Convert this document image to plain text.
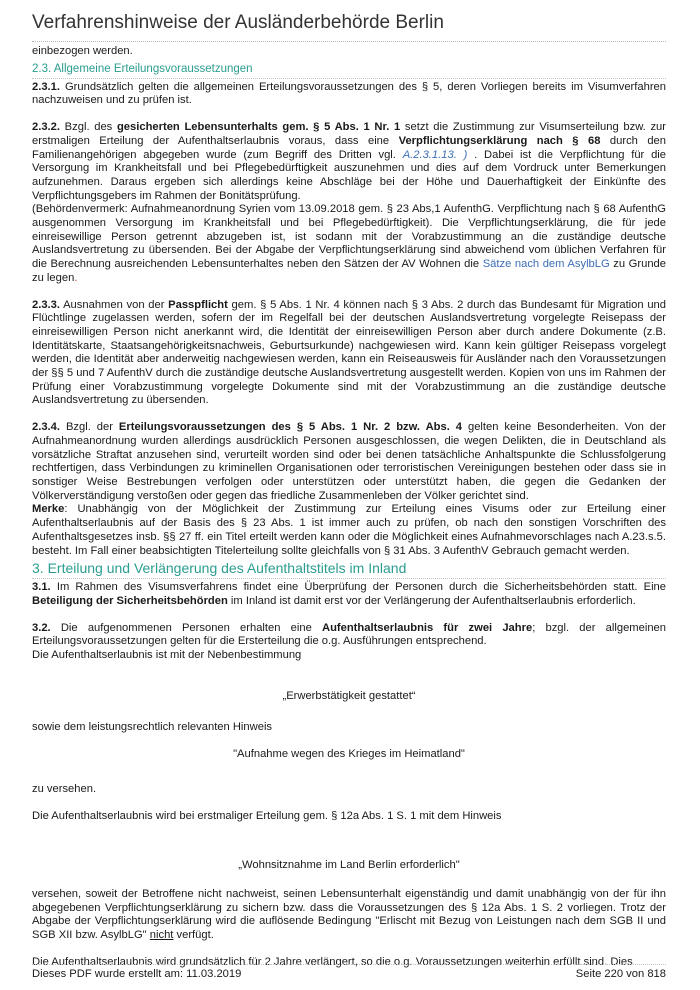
Verfahrenshinweise der Ausländerbehörde Berlin

einbezogen werden.

2.3. Allgemeine Erteilungsvoraussetzungen

2.3.1. Grundsätzlich gelten die allgemeinen Erteilungsvoraussetzungen des § 5, deren Vorliegen bereits im Visumverfahren nachzuweisen und zu prüfen ist.

2.3.2. Bzgl. des gesicherten Lebensunterhalts gem. § 5 Abs. 1 Nr. 1 setzt die Zustimmung zur Visumserteilung bzw. zur erstmaligen Erteilung der Aufenthaltserlaubnis voraus, dass eine Verpflichtungserklärung nach § 68 durch den Familienangehörigen abgegeben wurde (zum Begriff des Dritten vgl. A.2.3.1.13. ) . Dabei ist die Verpflichtung für die Versorgung im Krankheitsfall und bei Pflegebedürftigkeit auszunehmen und dies auf dem Vordruck unter Bemerkungen aufzunehmen. Daraus ergeben sich allerdings keine Abschläge bei der Höhe und Dauerhaftigkeit der Einkünfte des Verpflichtungsgebers im Rahmen der Bonitätsprüfung.

(Behördenvermerk: Aufnahmeanordnung Syrien vom 13.09.2018 gem. § 23 Abs,1 AufenthG. Verpflichtung nach § 68 AufenthG ausgenommen Versorgung im Krankheitsfall und bei Pflegebedürftigkeit). Die Verpflichtungserklärung, die für jede einreisewillige Person getrennt abzugeben ist, ist sodann mit der Vorabzustimmung an die zuständige deutsche Auslandsvertretung zu übersenden. Bei der Abgabe der Verpflichtungserklärung sind abweichend vom üblichen Verfahren für die Berechnung ausreichenden Lebensunterhaltes neben den Sätzen der AV Wohnen die Sätze nach dem AsylbLG zu Grunde zu legen.

2.3.3. Ausnahmen von der Passpflicht gem. § 5 Abs. 1 Nr. 4 können nach § 3 Abs. 2 durch das Bundesamt für Migration und Flüchtlinge zugelassen werden, sofern der im Regelfall bei der deutschen Auslandsvertretung vorgelegte Reisepass der einreisewilligen Person nicht anerkannt wird, die Identität der einreisewilligen Person aber durch andere Dokumente (z.B. Identitätskarte, Staatsangehörigkeitsnachweis, Geburtsurkunde) nachgewiesen wird. Kann kein gültiger Reisepass vorgelegt werden, die Identität aber anderweitig nachgewiesen werden, kann ein Reiseausweis für Ausländer nach den Voraussetzungen der §§ 5 und 7 AufenthV durch die zuständige deutsche Auslandsvertretung ausgestellt werden. Kopien von uns im Rahmen der Prüfung einer Vorabzustimmung vorgelegte Dokumente sind mit der Vorabzustimmung an die zuständige deutsche Auslandsvertretung zu übersenden.

2.3.4. Bzgl. der Erteilungsvoraussetzungen des § 5 Abs. 1 Nr. 2 bzw. Abs. 4 gelten keine Besonderheiten. Von der Aufnahmeanordnung wurden allerdings ausdrücklich Personen ausgeschlossen, die wegen Delikten, die in Deutschland als vorsätzliche Straftat anzusehen sind, verurteilt worden sind oder bei denen tatsächliche Anhaltspunkte die Schlussfolgerung rechtfertigen, dass Verbindungen zu kriminellen Organisationen oder terroristischen Vereinigungen bestehen oder dass sie in sonstiger Weise Bestrebungen verfolgen oder unterstützen oder unterstützt haben, die gegen die Gedanken der Völkerverständigung verstoßen oder gegen das friedliche Zusammenleben der Völker gerichtet sind.

Merke: Unabhängig von der Möglichkeit der Zustimmung zur Erteilung eines Visums oder zur Erteilung einer Aufenthaltserlaubnis auf der Basis des § 23 Abs. 1 ist immer auch zu prüfen, ob nach den sonstigen Vorschriften des Aufenthaltsgesetzes insb. §§ 27 ff. ein Titel erteilt werden kann oder die Möglichkeit eines Aufnahmevorschlages nach A.23.s.5. besteht. Im Fall einer beabsichtigten Titelerteilung sollte gleichfalls von § 31 Abs. 3 AufenthV Gebrauch gemacht werden.

3. Erteilung und Verlängerung des Aufenthaltstitels im Inland

3.1. Im Rahmen des Visumsverfahrens findet eine Überprüfung der Personen durch die Sicherheitsbehörden statt. Eine Beteiligung der Sicherheitsbehörden im Inland ist damit erst vor der Verlängerung der Aufenthaltserlaubnis erforderlich.

3.2. Die aufgenommenen Personen erhalten eine Aufenthaltserlaubnis für zwei Jahre; bzgl. der allgemeinen Erteilungsvoraussetzungen gelten für die Ersterteilung die o.g. Ausführungen entsprechend.

Die Aufenthaltserlaubnis ist mit der Nebenbestimmung

„Erwerbstätigkeit gestattet“

sowie dem leistungsrechtlich relevanten Hinweis

"Aufnahme wegen des Krieges im Heimatland"

zu versehen.

Die Aufenthaltserlaubnis wird bei erstmaliger Erteilung gem. § 12a Abs. 1 S. 1 mit dem Hinweis

„Wohnsitznahme im Land Berlin erforderlich"

versehen, soweit der Betroffene nicht nachweist, seinen Lebensunterhalt eigenständig und damit unabhängig von der für ihn abgegebenen Verpflichtungserklärung zu sichern bzw. dass die Voraussetzungen des § 12a Abs. 1 S. 2 vorliegen. Trotz der Abgabe der Verpflichtungserklärung wird die auflösende Bedingung "Erlischt mit Bezug von Leistungen nach dem SGB II und SGB XII bzw. AsylbLG" nicht verfügt.

Die Aufenthaltserlaubnis wird grundsätzlich für 2 Jahre verlängert, so die o.g. Voraussetzungen weiterhin erfüllt sind. Dies

Dieses PDF wurde erstellt am: 11.03.2019	Seite 220 von 818
